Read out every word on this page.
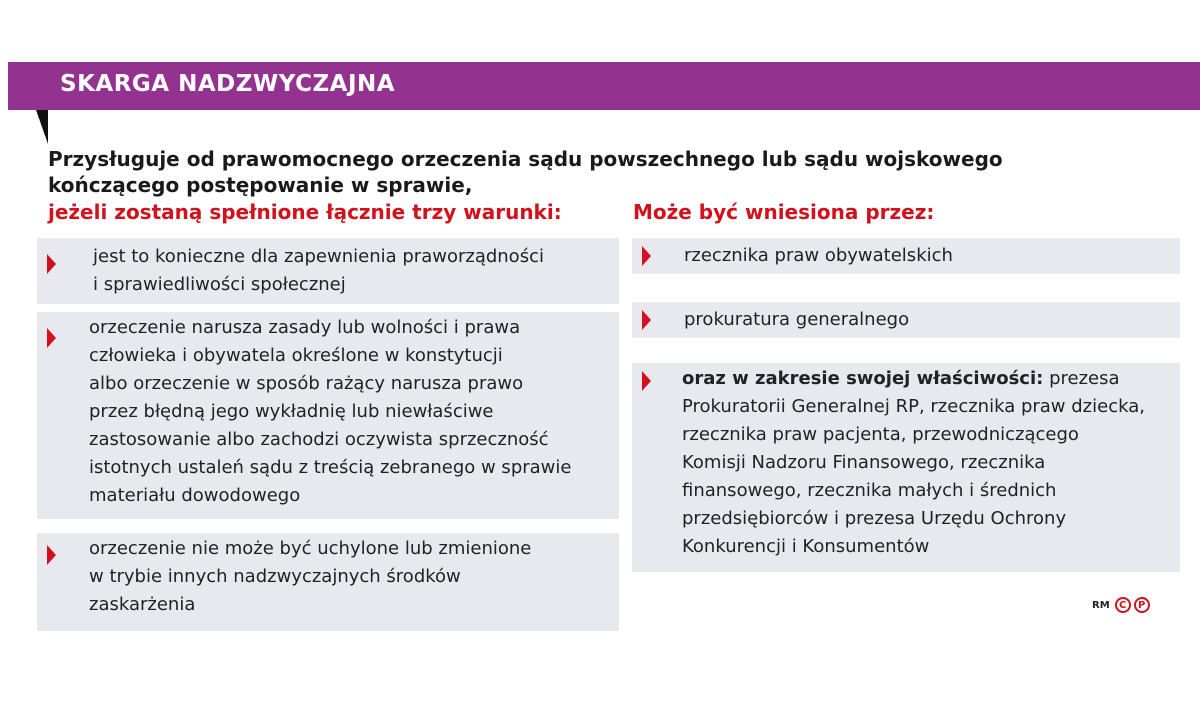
SKARGA NADZWYCZAJNA
Przysługuje od prawomocnego orzeczenia sądu powszechnego lub sądu wojskowego
kończącego postępowanie w sprawie,
jeżeli zostaną spełnione łącznie trzy warunki:	Może być wniesiona przez:
jest to konieczne dla zapewnienia praworządności
i sprawiedliwości społecznej
orzeczenie narusza zasady lub wolności i prawa
człowieka i obywatela określone w konstytucji
albo orzeczenie w sposób rażący narusza prawo
przez błędną jego wykładnię lub niewłaściwe
zastosowanie albo zachodzi oczywista sprzeczność
istotnych ustaleń sądu z treścią zebranego w sprawie
materiału dowodowego
orzeczenie nie może być uchylone lub zmienione
w trybie innych nadzwyczajnych środków
zaskarżenia
rzecznika praw obywatelskich
prokuratura generalnego
oraz w zakresie swojej właściwości: prezesa
Prokuratorii Generalnej RP, rzecznika praw dziecka,
rzecznika praw pacjenta, przewodniczącego
Komisji Nadzoru Finansowego, rzecznika
finansowego, rzecznika małych i średnich
przedsiębiorców i prezesa Urzędu Ochrony
Konkurencji i Konsumentów
RM C	P
